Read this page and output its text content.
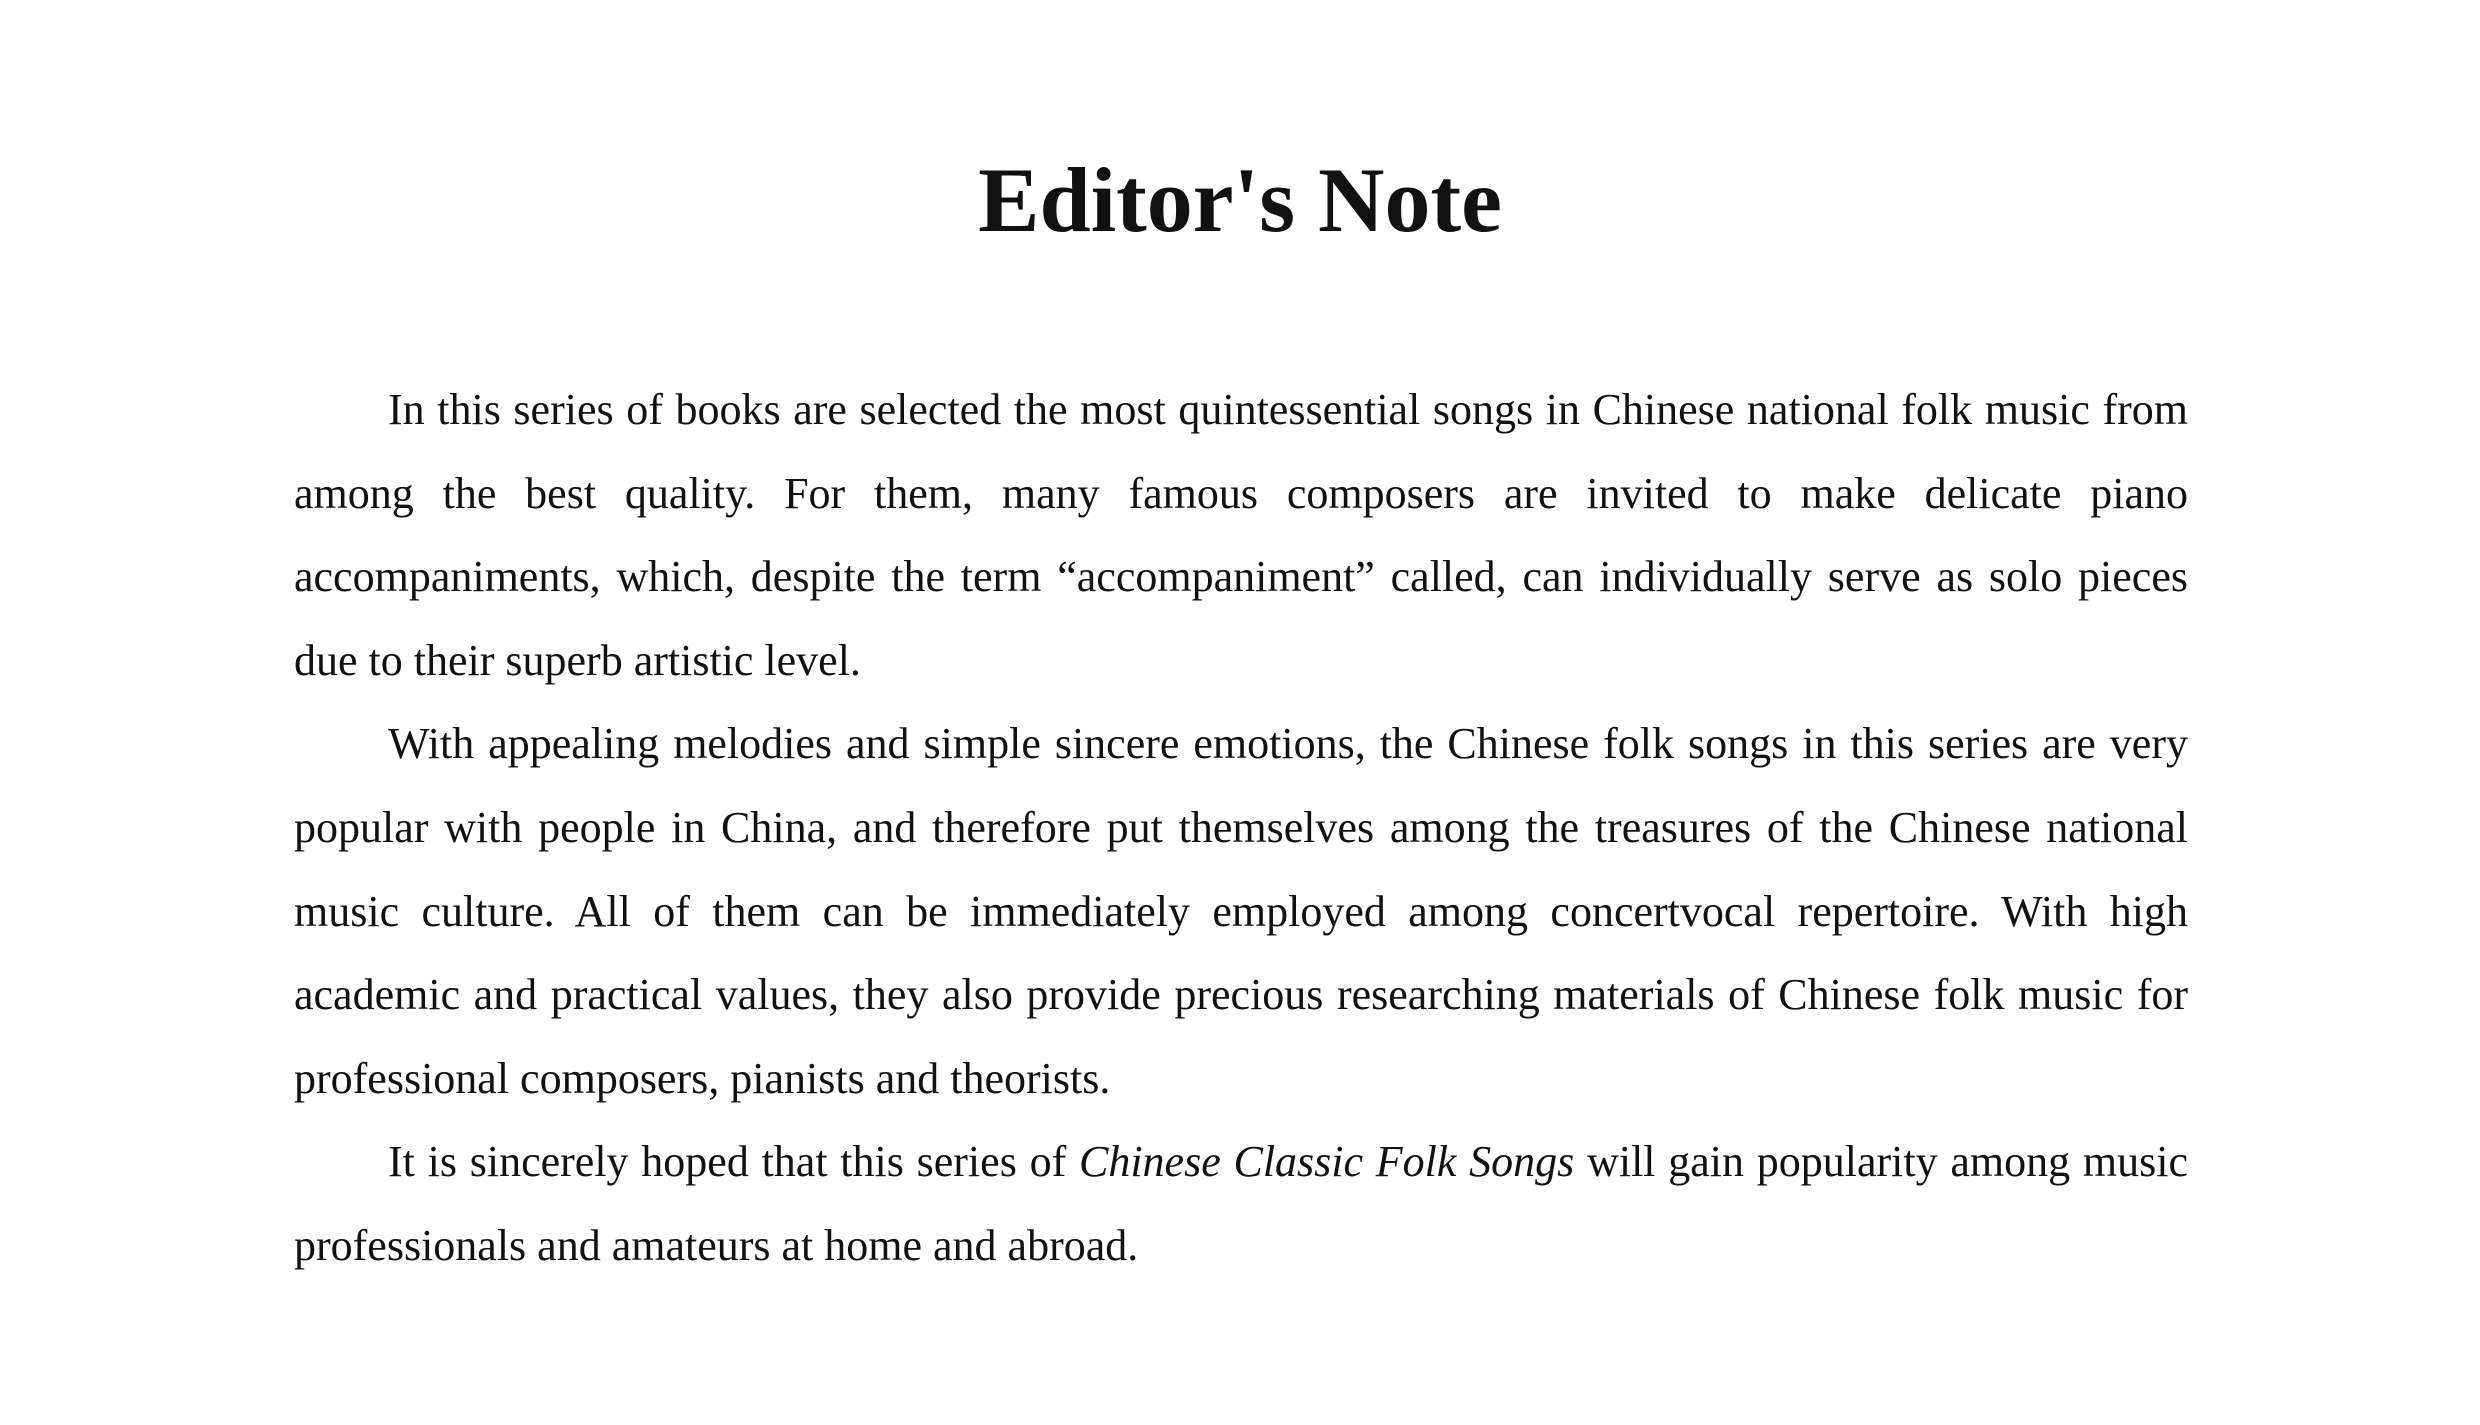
Editor's Note

In this series of books are selected the most quintessential songs in Chinese national folk music from among the best quality. For them, many famous composers are invited to make delicate piano accompaniments, which, despite the term “accompaniment” called, can individually serve as solo pieces due to their superb artistic level.

With appealing melodies and simple sincere emotions, the Chinese folk songs in this series are very popular with people in China, and therefore put themselves among the treasures of the Chinese national music culture. All of them can be immediately employed among concertvocal repertoire. With high academic and practical values, they also provide precious researching materials of Chinese folk music for professional composers, pianists and theorists.

It is sincerely hoped that this series of Chinese Classic Folk Songs will gain popularity among music professionals and amateurs at home and abroad.
